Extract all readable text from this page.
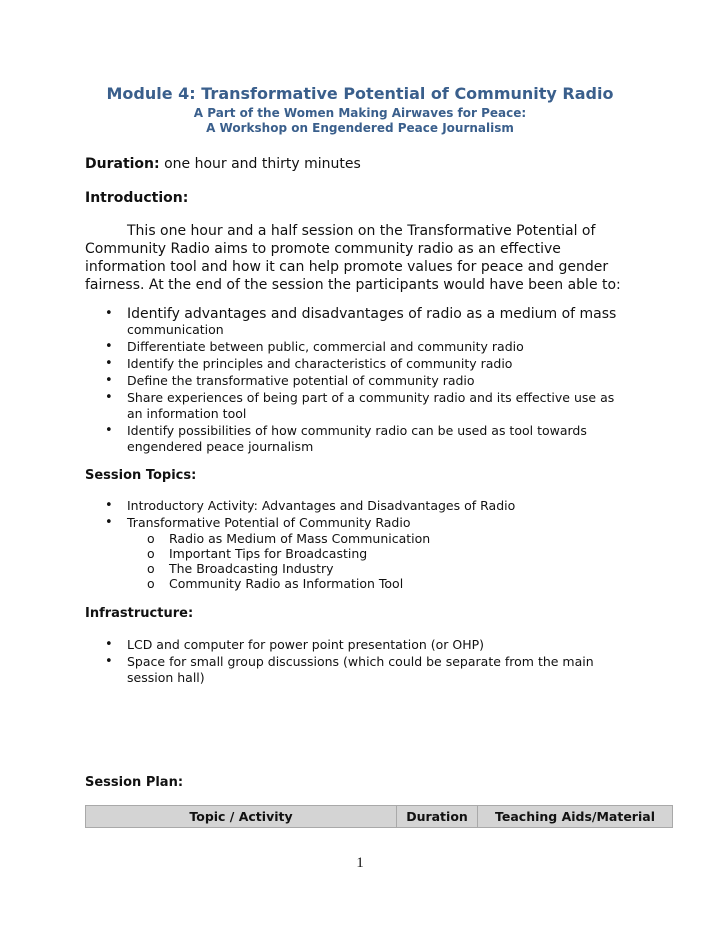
Module 4: Transformative Potential of Community Radio
A Part of the Women Making Airwaves for Peace:
A Workshop on Engendered Peace Journalism
Duration: one hour and thirty minutes
Introduction:
This one hour and a half session on the Transformative Potential of
Community Radio aims to promote community radio as an effective
information tool and how it can help promote values for peace and gender
fairness. At the end of the session the participants would have been able to:
• Identify advantages and disadvantages of radio as a medium of mass
communication
• Differentiate between public, commercial and community radio
• Identify the principles and characteristics of community radio
• Define the transformative potential of community radio
• Share experiences of being part of a community radio and its effective use as
an information tool
• Identify possibilities of how community radio can be used as tool towards
engendered peace journalism
Session Topics:
• Introductory Activity: Advantages and Disadvantages of Radio
• Transformative Potential of Community Radio
o Radio as Medium of Mass Communication
o Important Tips for Broadcasting
o The Broadcasting Industry
o Community Radio as Information Tool
Infrastructure:
• LCD and computer for power point presentation (or OHP)
• Space for small group discussions (which could be separate from the main
session hall)
Session Plan:
Topic / Activity	Duration	Teaching Aids/Material
1
